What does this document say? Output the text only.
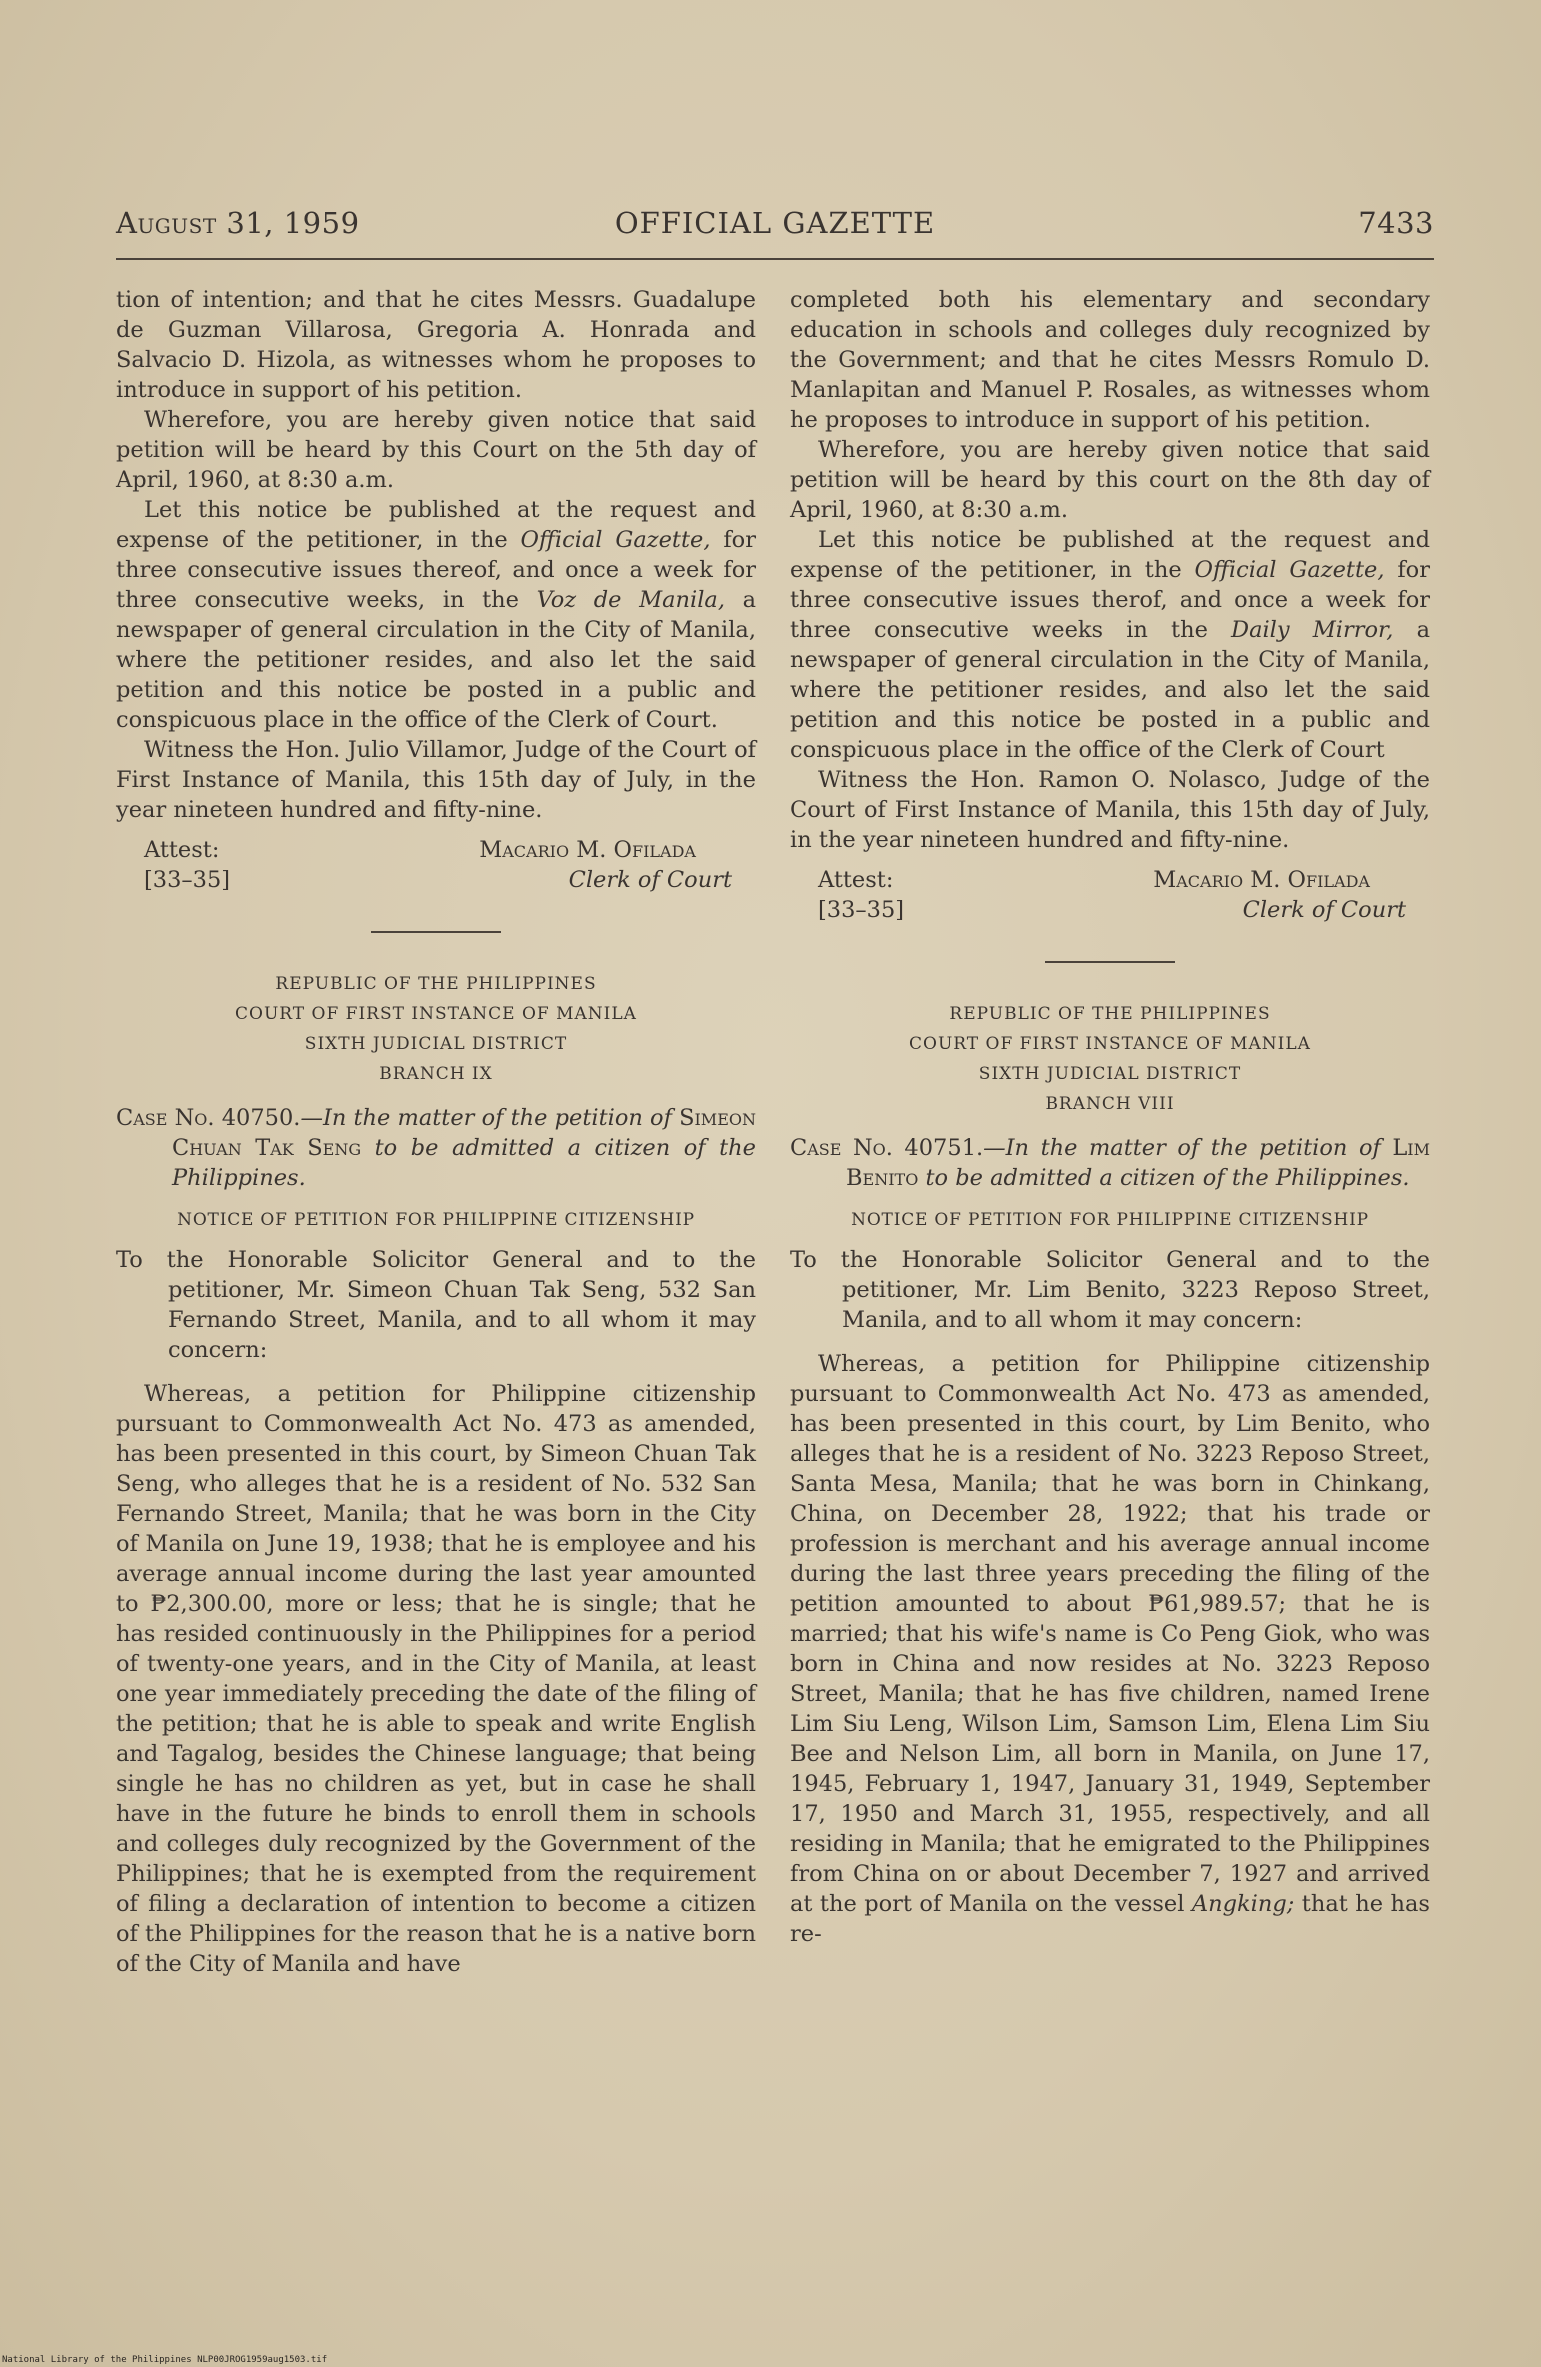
August 31, 1959	OFFICIAL GAZETTE	7433

tion of intention; and that he cites Messrs. Guadalupe de Guzman Villarosa, Gregoria A. Honrada and Salvacio D. Hizola, as witnesses whom he proposes to introduce in support of his petition.

Wherefore, you are hereby given notice that said petition will be heard by this Court on the 5th day of April, 1960, at 8:30 a.m.

Let this notice be published at the request and expense of the petitioner, in the Official Gazette, for three consecutive issues thereof, and once a week for three consecutive weeks, in the Voz de Manila, a newspaper of general circulation in the City of Manila, where the petitioner resides, and also let the said petition and this notice be posted in a public and conspicuous place in the office of the Clerk of Court.

Witness the Hon. Julio Villamor, Judge of the Court of First Instance of Manila, this 15th day of July, in the year nineteen hundred and fifty-nine.

Attest:
[33–35]
Macario M. Ofilada
Clerk of Court
REPUBLIC OF THE PHILIPPINES
COURT OF FIRST INSTANCE OF MANILA
SIXTH JUDICIAL DISTRICT
BRANCH IX
Case No. 40750.—In the matter of the petition of Simeon Chuan Tak Seng to be admitted a citizen of the Philippines.
NOTICE OF PETITION FOR PHILIPPINE CITIZENSHIP
To the Honorable Solicitor General and to the petitioner, Mr. Simeon Chuan Tak Seng, 532 San Fernando Street, Manila, and to all whom it may concern:

Whereas, a petition for Philippine citizenship pursuant to Commonwealth Act No. 473 as amended, has been presented in this court, by Simeon Chuan Tak Seng, who alleges that he is a resident of No. 532 San Fernando Street, Manila; that he was born in the City of Manila on June 19, 1938; that he is employee and his average annual income during the last year amounted to ₱2,300.00, more or less; that he is single; that he has resided continuously in the Philippines for a period of twenty-one years, and in the City of Manila, at least one year immediately preceding the date of the filing of the petition; that he is able to speak and write English and Tagalog, besides the Chinese language; that being single he has no children as yet, but in case he shall have in the future he binds to enroll them in schools and colleges duly recognized by the Government of the Philippines; that he is exempted from the requirement of filing a declaration of intention to become a citizen of the Philippines for the reason that he is a native born of the City of Manila and have

completed both his elementary and secondary education in schools and colleges duly recognized by the Government; and that he cites Messrs Romulo D. Manlapitan and Manuel P. Rosales, as witnesses whom he proposes to introduce in support of his petition.

Wherefore, you are hereby given notice that said petition will be heard by this court on the 8th day of April, 1960, at 8:30 a.m.

Let this notice be published at the request and expense of the petitioner, in the Official Gazette, for three consecutive issues therof, and once a week for three consecutive weeks in the Daily Mirror, a newspaper of general circulation in the City of Manila, where the petitioner resides, and also let the said petition and this notice be posted in a public and conspicuous place in the office of the Clerk of Court

Witness the Hon. Ramon O. Nolasco, Judge of the Court of First Instance of Manila, this 15th day of July, in the year nineteen hundred and fifty-nine.

Attest:
[33–35]
Macario M. Ofilada
Clerk of Court
REPUBLIC OF THE PHILIPPINES
COURT OF FIRST INSTANCE OF MANILA
SIXTH JUDICIAL DISTRICT
BRANCH VIII
Case No. 40751.—In the matter of the petition of Lim Benito to be admitted a citizen of the Philippines.
NOTICE OF PETITION FOR PHILIPPINE CITIZENSHIP
To the Honorable Solicitor General and to the petitioner, Mr. Lim Benito, 3223 Reposo Street, Manila, and to all whom it may concern:

Whereas, a petition for Philippine citizenship pursuant to Commonwealth Act No. 473 as amended, has been presented in this court, by Lim Benito, who alleges that he is a resident of No. 3223 Reposo Street, Santa Mesa, Manila; that he was born in Chinkang, China, on December 28, 1922; that his trade or profession is merchant and his average annual income during the last three years preceding the filing of the petition amounted to about ₱61,989.57; that he is married; that his wife's name is Co Peng Giok, who was born in China and now resides at No. 3223 Reposo Street, Manila; that he has five children, named Irene Lim Siu Leng, Wilson Lim, Samson Lim, Elena Lim Siu Bee and Nelson Lim, all born in Manila, on June 17, 1945, February 1, 1947, January 31, 1949, September 17, 1950 and March 31, 1955, respectively, and all residing in Manila; that he emigrated to the Philippines from China on or about December 7, 1927 and arrived at the port of Manila on the vessel Angking; that he has re-

National Library of the Philippines NLP00JROG1959aug1503.tif
